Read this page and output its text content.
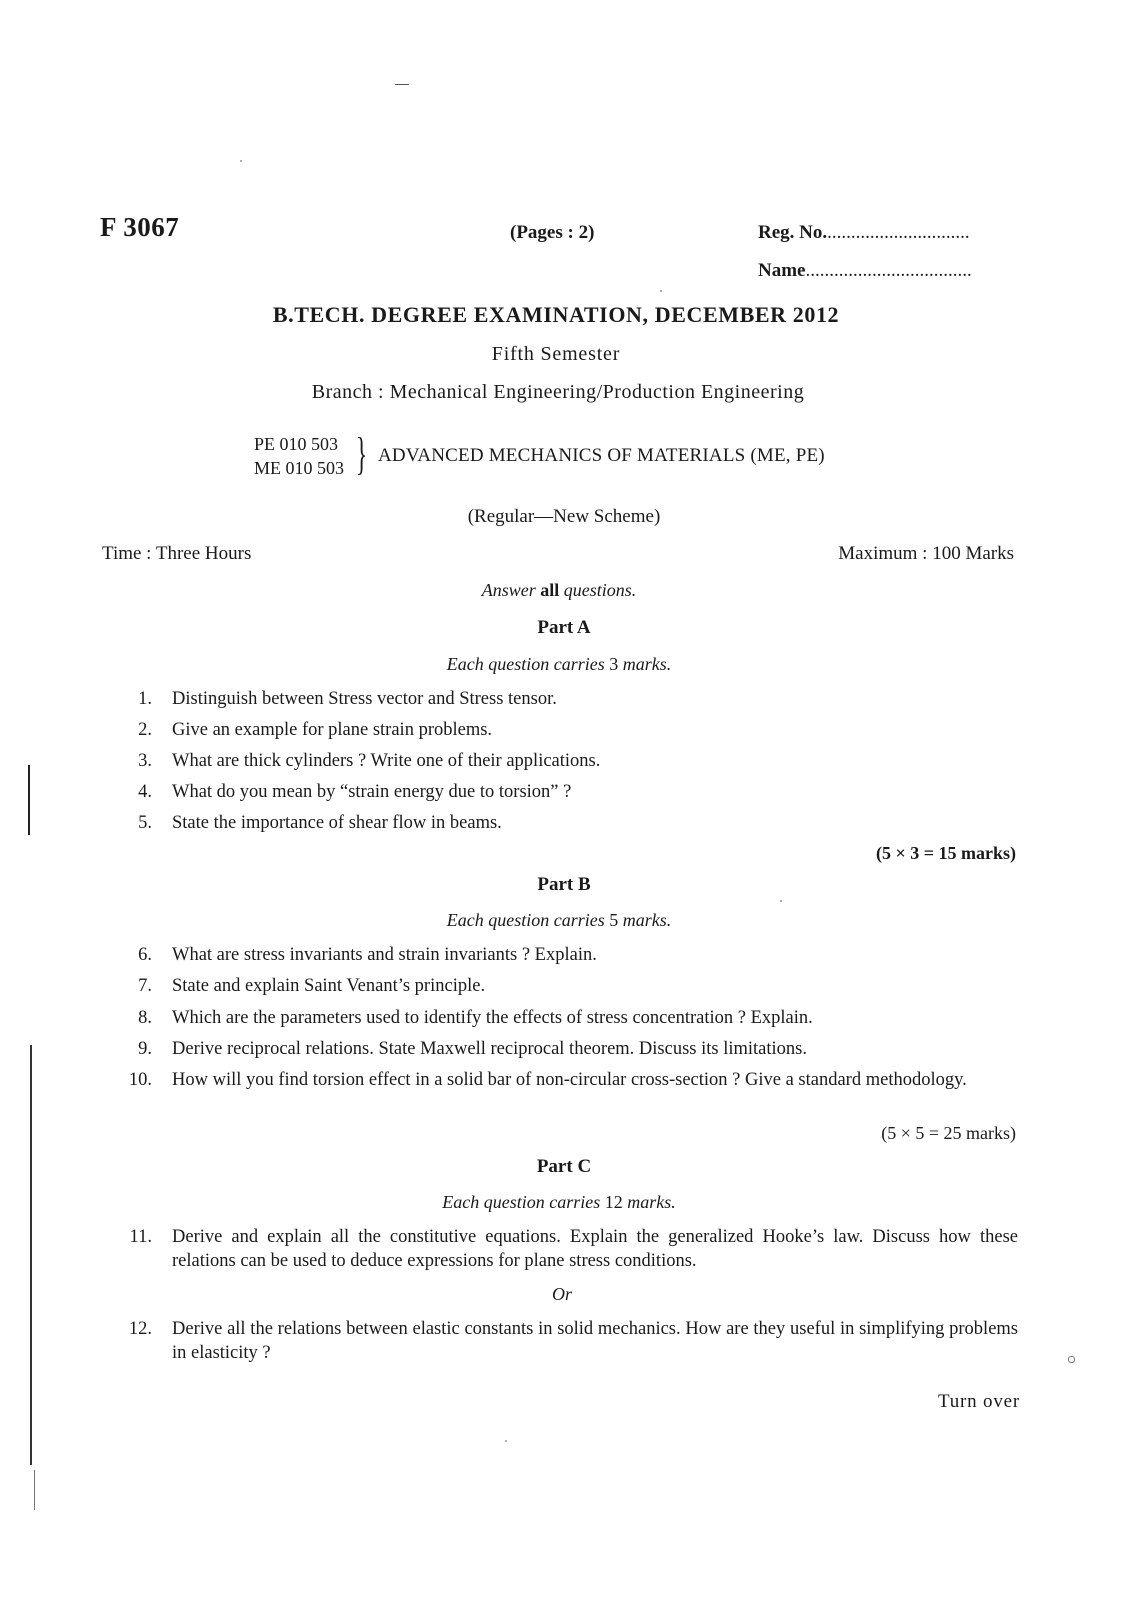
F 3067	(Pages : 2)	Reg. No...............................
Name...................................
B.TECH. DEGREE EXAMINATION, DECEMBER 2012
Fifth Semester
Branch : Mechanical Engineering/Production Engineering
PE 010 503
ME 010 503 } ADVANCED MECHANICS OF MATERIALS (ME, PE)
(Regular—New Scheme)
Time : Three Hours	Maximum : 100 Marks
Answer all questions.
Part A
Each question carries 3 marks.
1. Distinguish between Stress vector and Stress tensor.
2. Give an example for plane strain problems.
3. What are thick cylinders ? Write one of their applications.
4. What do you mean by “strain energy due to torsion” ?
5. State the importance of shear flow in beams.
(5 × 3 = 15 marks)
Part B
Each question carries 5 marks.
6. What are stress invariants and strain invariants ? Explain.
7. State and explain Saint Venant’s principle.
8. Which are the parameters used to identify the effects of stress concentration ? Explain.
9. Derive reciprocal relations. State Maxwell reciprocal theorem. Discuss its limitations.
10. How will you find torsion effect in a solid bar of non-circular cross-section ? Give a standard methodology.
(5 × 5 = 25 marks)
Part C
Each question carries 12 marks.
11. Derive and explain all the constitutive equations. Explain the generalized Hooke’s law. Discuss how these relations can be used to deduce expressions for plane stress conditions.
Or
12. Derive all the relations between elastic constants in solid mechanics. How are they useful in simplifying problems in elasticity ?
Turn over
